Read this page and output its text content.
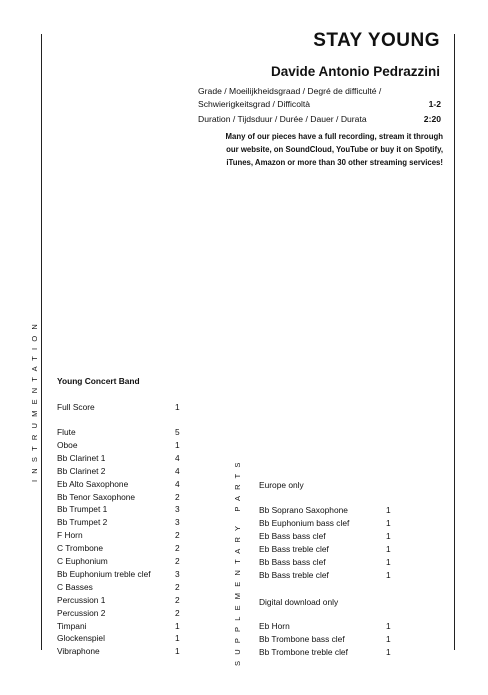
STAY YOUNG
Davide Antonio Pedrazzini
Grade / Moeilijkheidsgraad / Degré de difficulté /
Schwierigkeitsgrad / Difficoltà	1-2
Duration / Tijdsduur / Durée / Dauer / Durata	2:20
Many of our pieces have a full recording, stream it through
our website, on SoundCloud, YouTube or buy it on Spotify,
iTunes, Amazon or more than 30 other streaming services!
INSTRUMENTATION
SUPPLEMENTARY PARTS
Young Concert Band
Full Score	1
Flute	5
Oboe	1
Bb Clarinet 1	4
Bb Clarinet 2	4
Eb Alto Saxophone	4
Bb Tenor Saxophone	2
Bb Trumpet 1	3
Bb Trumpet 2	3
F Horn	2
C Trombone	2
C Euphonium	2
Bb Euphonium treble clef	3
C Basses	2
Percussion 1	2
Percussion 2	2
Timpani	1
Glockenspiel	1
Vibraphone	1
Europe only
Bb Soprano Saxophone	1
Bb Euphonium bass clef	1
Eb Bass bass clef	1
Eb Bass treble clef	1
Bb Bass bass clef	1
Bb Bass treble clef	1
Digital download only
Eb Horn	1
Bb Trombone bass clef	1
Bb Trombone treble clef	1
